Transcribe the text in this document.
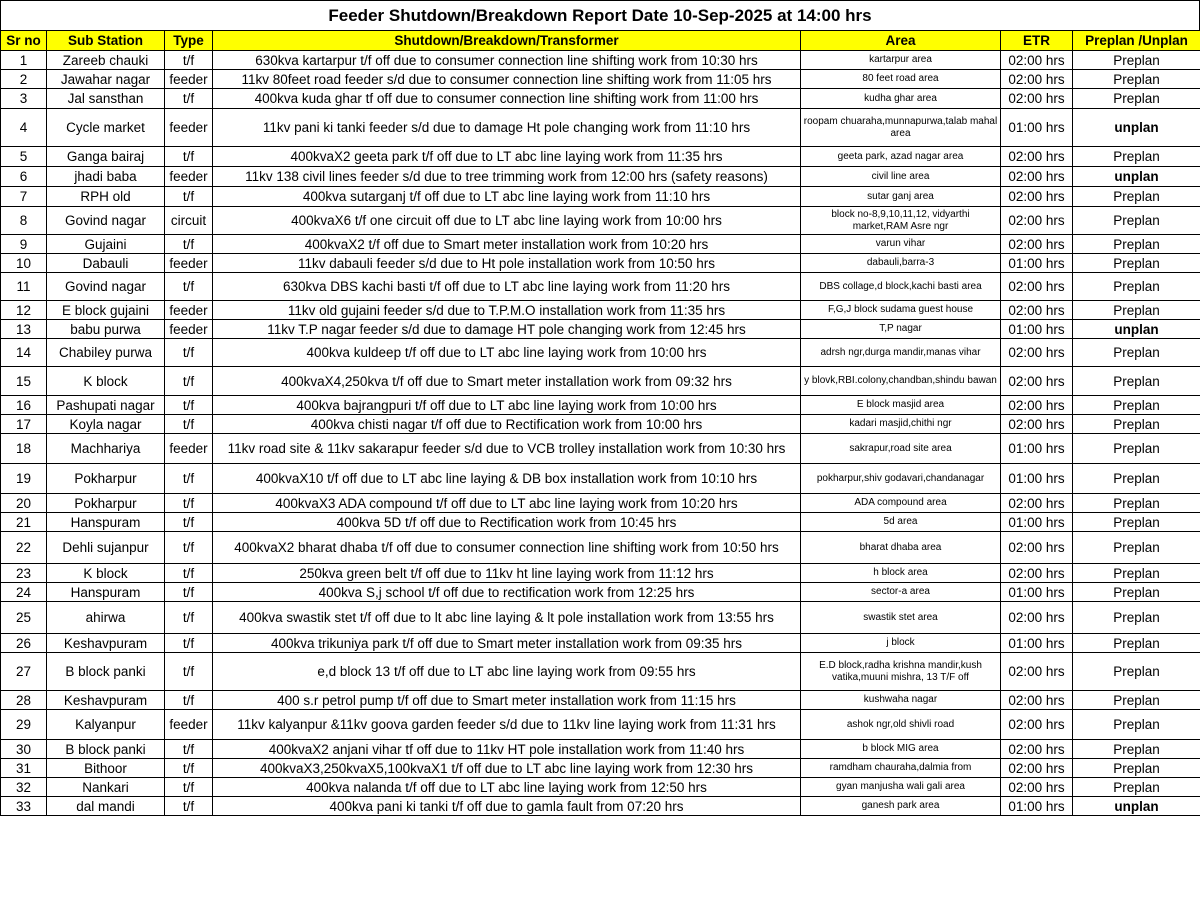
Feeder Shutdown/Breakdown Report Date 10-Sep-2025 at 14:00 hrs
Sr no	Sub Station	Type	Shutdown/Breakdown/Transformer	Area	ETR	Preplan /Unplan
1	Zareeb chauki	t/f	630kva kartarpur t/f off due to consumer connection line shifting work from 10:30 hrs	kartarpur area	02:00 hrs	Preplan
2	Jawahar nagar	feeder	11kv 80feet road feeder s/d due to consumer connection line shifting work from 11:05 hrs	80 feet road area	02:00 hrs	Preplan
3	Jal sansthan	t/f	400kva kuda ghar tf off due to consumer connection line shifting work from 11:00 hrs	kudha ghar area	02:00 hrs	Preplan
4	Cycle market	feeder	11kv pani ki tanki feeder s/d due to damage Ht pole changing work from 11:10 hrs	roopam chuaraha,munnapurwa,talab mahal area	01:00 hrs	unplan
5	Ganga bairaj	t/f	400kvaX2 geeta park t/f off due to LT abc line laying work from 11:35 hrs	geeta park, azad nagar area	02:00 hrs	Preplan
6	jhadi baba	feeder	11kv 138 civil lines feeder s/d due to tree trimming work from 12:00 hrs (safety reasons)	civil line area	02:00 hrs	unplan
7	RPH old	t/f	400kva sutarganj t/f off due to LT abc line laying work from 11:10 hrs	sutar ganj area	02:00 hrs	Preplan
8	Govind nagar	circuit	400kvaX6 t/f one circuit off due to LT abc line laying work from 10:00 hrs	block no-8,9,10,11,12, vidyarthi market,RAM Asre ngr	02:00 hrs	Preplan
9	Gujaini	t/f	400kvaX2 t/f off due to Smart meter installation work from 10:20 hrs	varun vihar	02:00 hrs	Preplan
10	Dabauli	feeder	11kv dabauli feeder s/d due to Ht pole installation work from 10:50 hrs	dabauli,barra-3	01:00 hrs	Preplan
11	Govind nagar	t/f	630kva DBS kachi basti t/f off due to LT abc line laying work from 11:20 hrs	DBS collage,d block,kachi basti area	02:00 hrs	Preplan
12	E block gujaini	feeder	11kv old gujaini feeder s/d due to T.P.M.O installation work from 11:35 hrs	F,G,J block sudama guest house	02:00 hrs	Preplan
13	babu purwa	feeder	11kv T.P nagar feeder s/d due to damage HT pole changing work from 12:45 hrs	T,P nagar	01:00 hrs	unplan
14	Chabiley purwa	t/f	400kva kuldeep t/f off due to LT abc line laying work from 10:00 hrs	adrsh ngr,durga mandir,manas vihar	02:00 hrs	Preplan
15	K block	t/f	400kvaX4,250kva t/f off due to Smart meter installation work from 09:32 hrs	y blovk,RBI.colony,chandban,shindu bawan	02:00 hrs	Preplan
16	Pashupati nagar	t/f	400kva bajrangpuri t/f off due to LT abc line laying work from 10:00 hrs	E block masjid area	02:00 hrs	Preplan
17	Koyla nagar	t/f	400kva chisti nagar t/f off due to Rectification work from 10:00 hrs	kadari masjid,chithi ngr	02:00 hrs	Preplan
18	Machhariya	feeder	11kv road site & 11kv sakarapur feeder s/d due to VCB trolley installation work from 10:30 hrs	sakrapur,road site area	01:00 hrs	Preplan
19	Pokharpur	t/f	400kvaX10 t/f off due to LT abc line laying & DB box installation work from 10:10 hrs	pokharpur,shiv godavari,chandanagar	01:00 hrs	Preplan
20	Pokharpur	t/f	400kvaX3 ADA compound t/f off due to LT abc line laying work from 10:20 hrs	ADA compound area	02:00 hrs	Preplan
21	Hanspuram	t/f	400kva 5D t/f off due to Rectification work from 10:45 hrs	5d area	01:00 hrs	Preplan
22	Dehli sujanpur	t/f	400kvaX2 bharat dhaba t/f off due to consumer connection line shifting work from 10:50 hrs	bharat dhaba area	02:00 hrs	Preplan
23	K block	t/f	250kva green belt t/f off due to 11kv ht line laying work from 11:12 hrs	h block area	02:00 hrs	Preplan
24	Hanspuram	t/f	400kva S,j school t/f off due to rectification work from 12:25 hrs	sector-a area	01:00 hrs	Preplan
25	ahirwa	t/f	400kva swastik stet t/f off due to lt abc line laying & lt pole installation work from 13:55 hrs	swastik stet area	02:00 hrs	Preplan
26	Keshavpuram	t/f	400kva trikuniya park t/f off due to Smart meter installation work from 09:35 hrs	j block	01:00 hrs	Preplan
27	B block panki	t/f	e,d block 13 t/f off due to LT abc line laying work from 09:55 hrs	E.D block,radha krishna mandir,kush vatika,muuni mishra, 13 T/F off	02:00 hrs	Preplan
28	Keshavpuram	t/f	400 s.r petrol pump t/f off due to Smart meter installation work from 11:15 hrs	kushwaha nagar	02:00 hrs	Preplan
29	Kalyanpur	feeder	11kv kalyanpur &11kv goova garden feeder s/d due to 11kv line laying work from 11:31 hrs	ashok ngr,old shivli road	02:00 hrs	Preplan
30	B block panki	t/f	400kvaX2 anjani vihar tf off due to 11kv HT pole installation work from 11:40 hrs	b block MIG area	02:00 hrs	Preplan
31	Bithoor	t/f	400kvaX3,250kvaX5,100kvaX1 t/f off due to LT abc line laying work from 12:30 hrs	ramdham chauraha,dalmia from	02:00 hrs	Preplan
32	Nankari	t/f	400kva nalanda t/f off due to LT abc line laying work from 12:50 hrs	gyan manjusha wali gali area	02:00 hrs	Preplan
33	dal mandi	t/f	400kva pani ki tanki t/f off due to gamla fault from 07:20 hrs	ganesh park area	01:00 hrs	unplan
